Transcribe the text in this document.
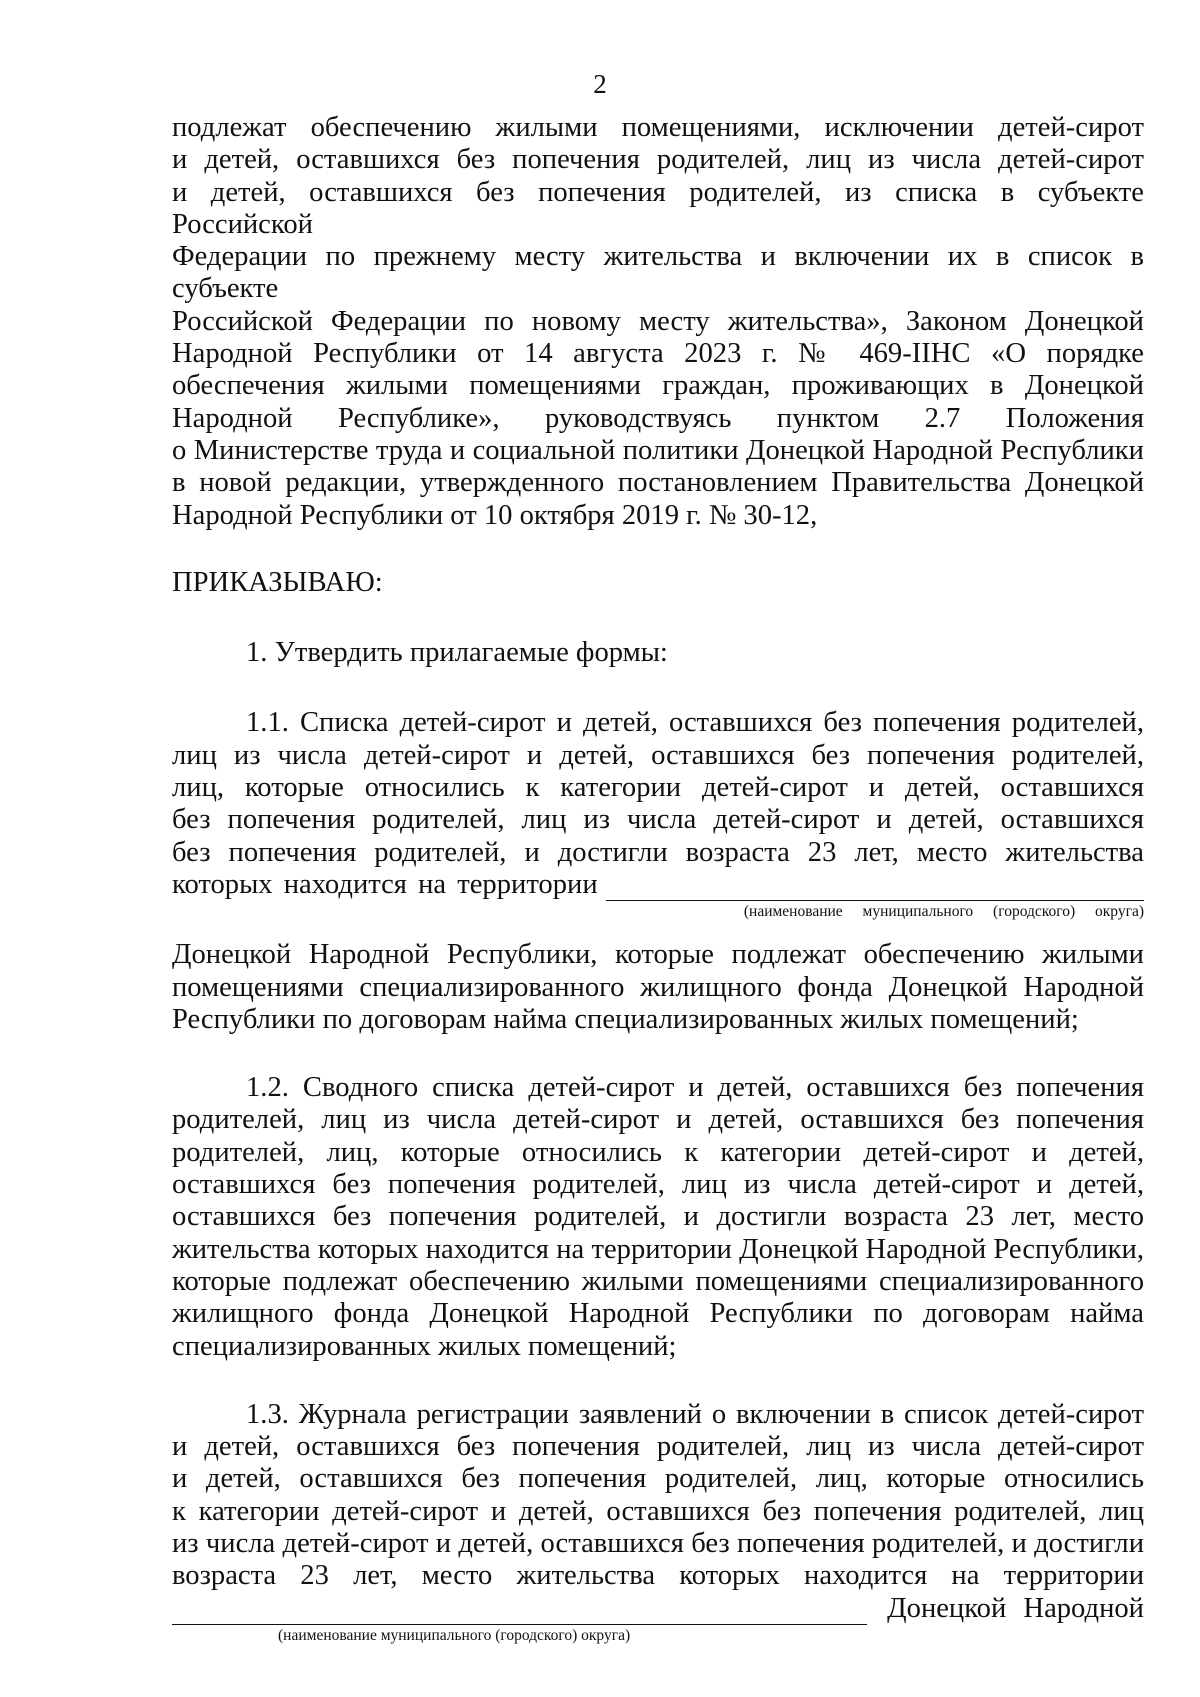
2

подлежат обеспечению жилыми помещениями, исключении детей-сирот

и детей, оставшихся без попечения родителей, лиц из числа детей-сирот

и детей, оставшихся без попечения родителей, из списка в субъекте Российской

Федерации по прежнему месту жительства и включении их в список в субъекте

Российской Федерации по новому месту жительства», Законом Донецкой

Народной Республики от 14 августа 2023 г. № 469-IIНС «О порядке

обеспечения жилыми помещениями граждан, проживающих в Донецкой

Народной Республике», руководствуясь пунктом 2.7 Положения

о Министерстве труда и социальной политики Донецкой Народной Республики

в новой редакции, утвержденного постановлением Правительства Донецкой

Народной Республики от 10 октября 2019 г. № 30-12,

ПРИКАЗЫВАЮ:

1. Утвердить прилагаемые формы:

1.1. Списка детей-сирот и детей, оставшихся без попечения родителей,

лиц из числа детей-сирот и детей, оставшихся без попечения родителей,

лиц, которые относились к категории детей-сирот и детей, оставшихся

без попечения родителей, лиц из числа детей-сирот и детей, оставшихся

без попечения родителей, и достигли возраста 23 лет, место жительства

которых находится на территории

(наименование муниципального (городского) округа)

Донецкой Народной Республики, которые подлежат обеспечению жилыми

помещениями специализированного жилищного фонда Донецкой Народной

Республики по договорам найма специализированных жилых помещений;

1.2. Сводного списка детей-сирот и детей, оставшихся без попечения

родителей, лиц из числа детей-сирот и детей, оставшихся без попечения

родителей, лиц, которые относились к категории детей-сирот и детей,

оставшихся без попечения родителей, лиц из числа детей-сирот и детей,

оставшихся без попечения родителей, и достигли возраста 23 лет, место

жительства которых находится на территории Донецкой Народной Республики,

которые подлежат обеспечению жилыми помещениями специализированного

жилищного фонда Донецкой Народной Республики по договорам найма

специализированных жилых помещений;

1.3. Журнала регистрации заявлений о включении в список детей-сирот

и детей, оставшихся без попечения родителей, лиц из числа детей-сирот

и детей, оставшихся без попечения родителей, лиц, которые относились

к категории детей-сирот и детей, оставшихся без попечения родителей, лиц

из числа детей-сирот и детей, оставшихся без попечения родителей, и достигли

возраста 23 лет, место жительства которых находится на территории

Донецкой Народной

(наименование муниципального (городского) округа)
